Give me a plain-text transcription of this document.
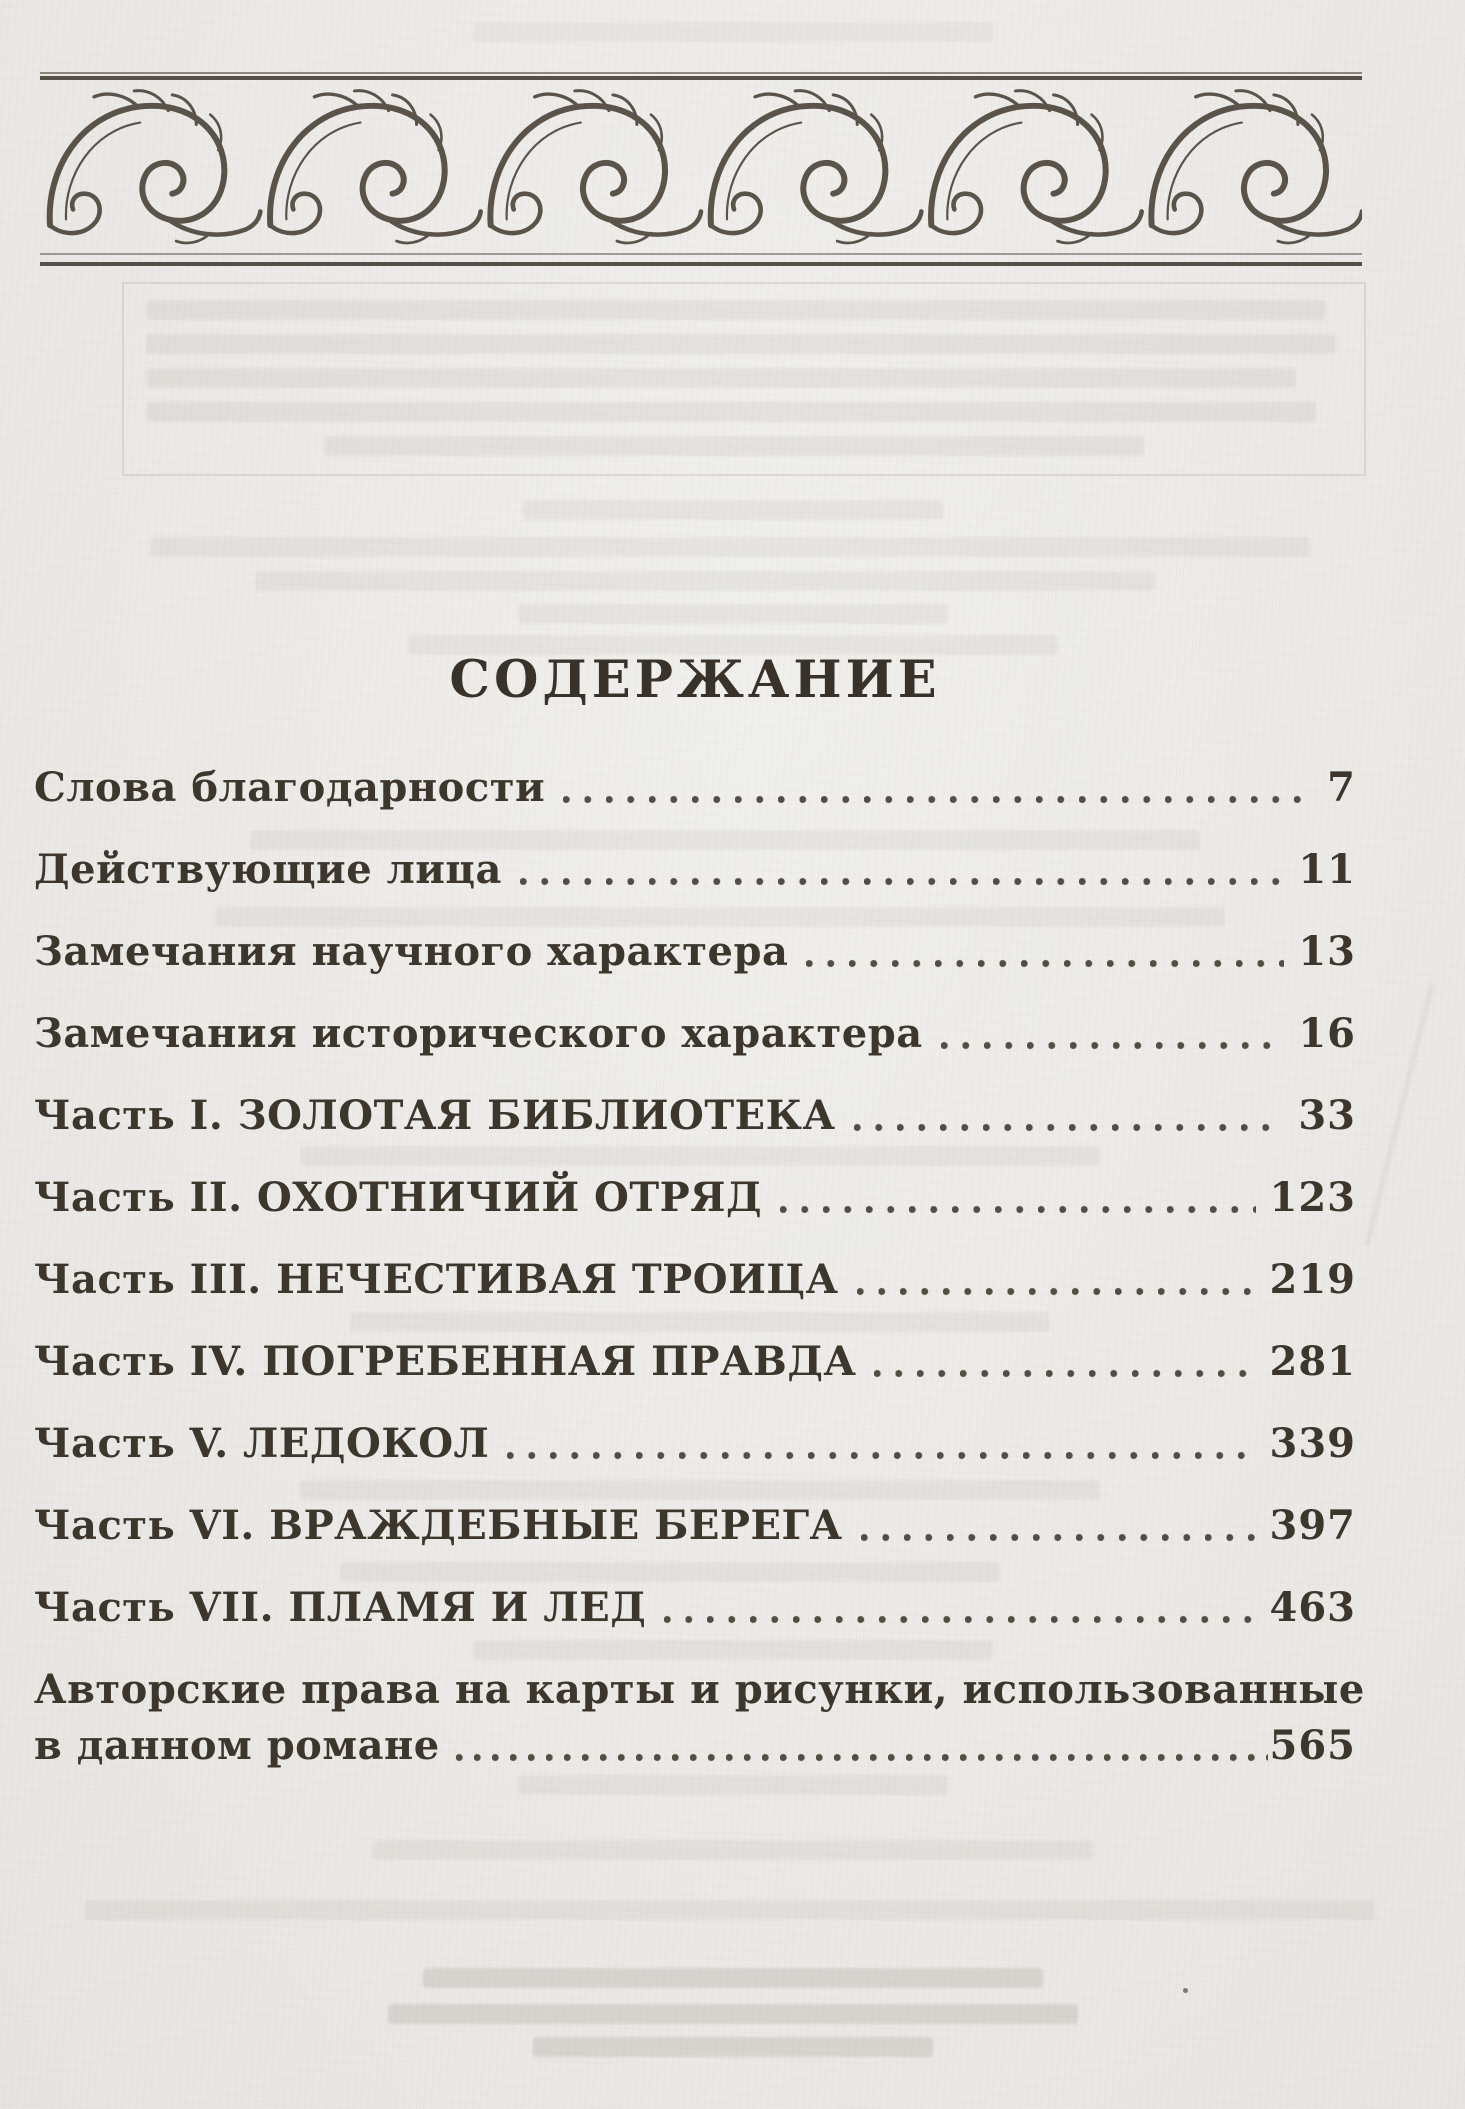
СОДЕРЖАНИЕ
Слова благодарности	7
Действующие лица	11
Замечания научного характера	13
Замечания исторического характера	16
Часть I. ЗОЛОТАЯ БИБЛИОТЕКА	33
Часть II. ОХОТНИЧИЙ ОТРЯД	123
Часть III. НЕЧЕСТИВАЯ ТРОИЦА	219
Часть IV. ПОГРЕБЕННАЯ ПРАВДА	281
Часть V. ЛЕДОКОЛ	339
Часть VI. ВРАЖДЕБНЫЕ БЕРЕГА	397
Часть VII. ПЛАМЯ И ЛЕД	463
Авторские права на карты и рисунки, использованные
в данном романе	565
